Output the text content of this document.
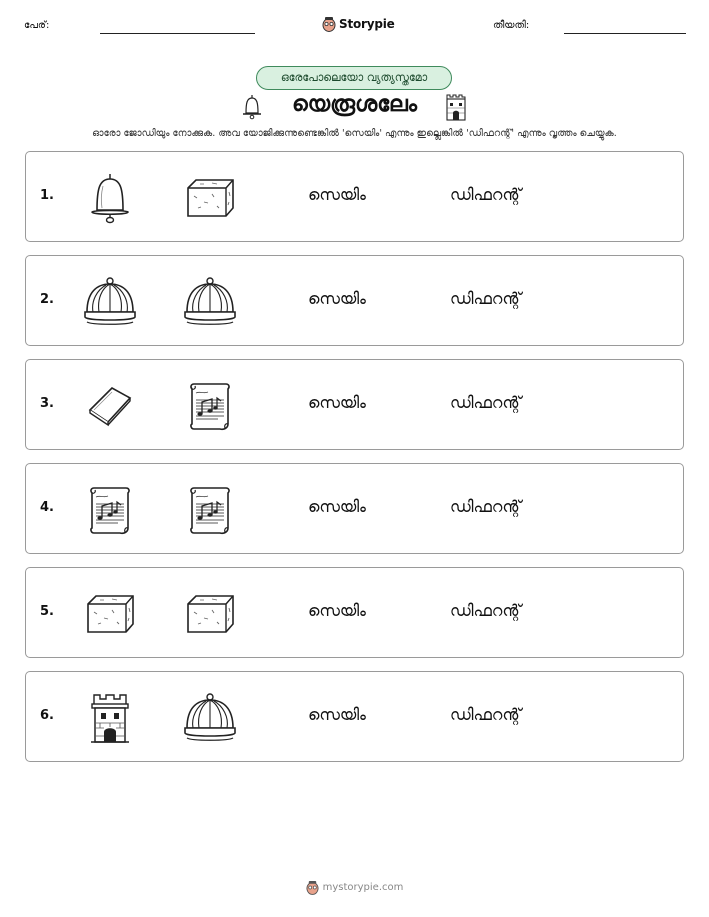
പേര്:	Storypie	തീയതി:
ഒരേപോലെയോ വ്യത്യസ്തമോ
യെരൂശലേം
ഓരോ ജോഡിയും നോക്കുക. അവ യോജിക്കുന്നുണ്ടെങ്കിൽ 'സെയിം' എന്നും ഇല്ലെങ്കിൽ 'ഡിഫറന്റ്' എന്നും വൃത്തം ചെയ്യുക.
1.	സെയിം	ഡിഫറന്റ്
2.	സെയിം	ഡിഫറന്റ്
3.	സെയിം	ഡിഫറന്റ്
4.	സെയിം	ഡിഫറന്റ്
5.	സെയിം	ഡിഫറന്റ്
6.	സെയിം	ഡിഫറന്റ്
mystorypie.com
